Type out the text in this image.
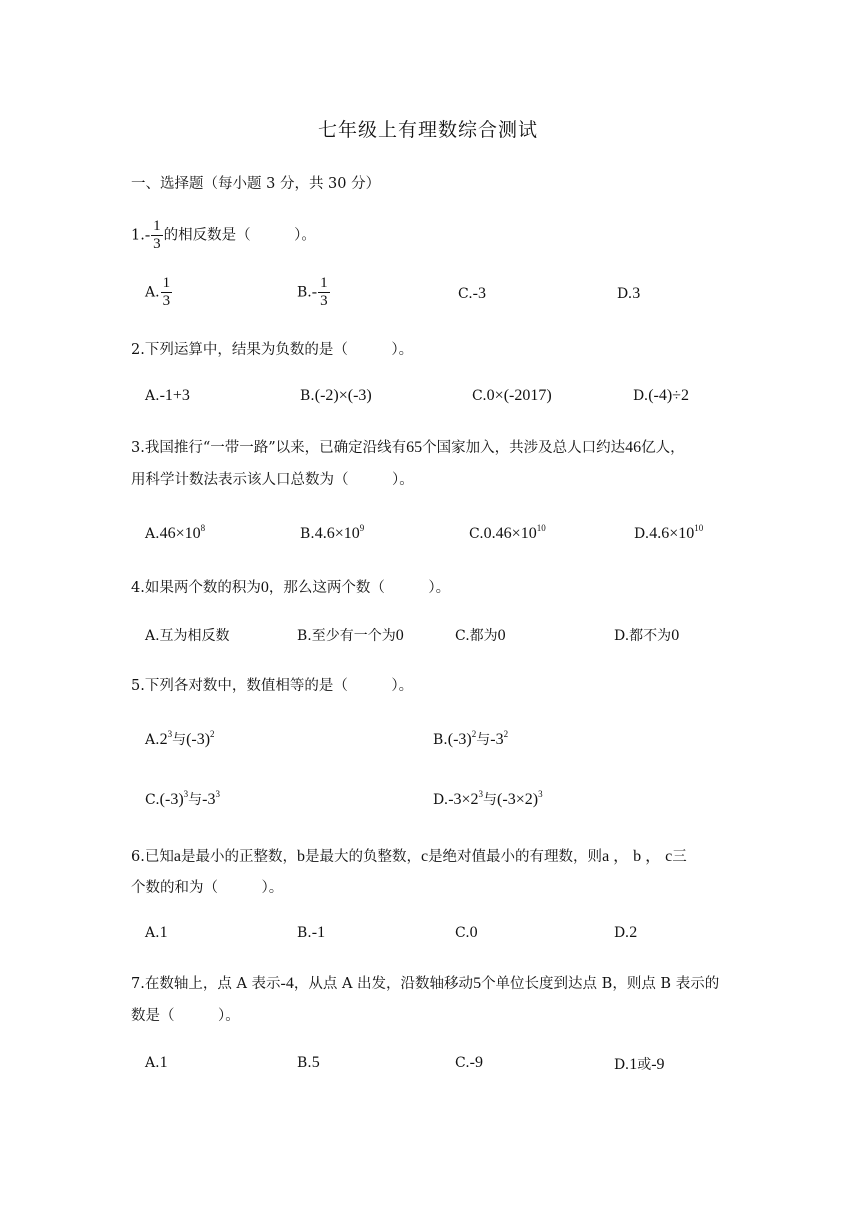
七年级上有理数综合测试
一、选择题（每小题 3 分，共 30 分）
$1.- \frac{1}{3}$ 的相反数是（　　　）。
A. $\frac{1}{3}$	$B.- \frac{1}{3}$	C.-3	D.3
2.下列运算中，结果为负数的是（　　　）。
A.-1+3	B.(-2)×(-3)	C.0×(-2017)	D.(-4)÷2
3.我国推行“一带一路”以来，已确定沿线有65个国家加入，共涉及总人口约达46亿人，
用科学计数法表示该人口总数为（　　　）。
$A.46\times 10^8$	$B.4.6\times 10^9$	$C.0.46\times 10^{10}$	$D.4.6\times 10^{10}$
4.如果两个数的积为0，那么这两个数（　　　）。
A.互为相反数	B.至少有一个为0	C.都为0	D.都不为0
5.下列各对数中，数值相等的是（　　　）。
$A.2^3$与$(-3)^2$	$B.(-3)^2$与$-3^2$
$C.(-3)^3$与$-3^3$	$D.-3\times 2^3$与$(-3\times 2)^3$
6.已知a是最小的正整数，b是最大的负整数，c是绝对值最小的有理数，则a ， b ， c三
个数的和为（　　　）。
A.1	B.-1	C.0	D.2
7.在数轴上，点 A 表示-4，从点 A 出发，沿数轴移动5个单位长度到达点 B，则点 B 表示的
数是（　　　）。
A.1	B.5	C.-9	D.1或-9
